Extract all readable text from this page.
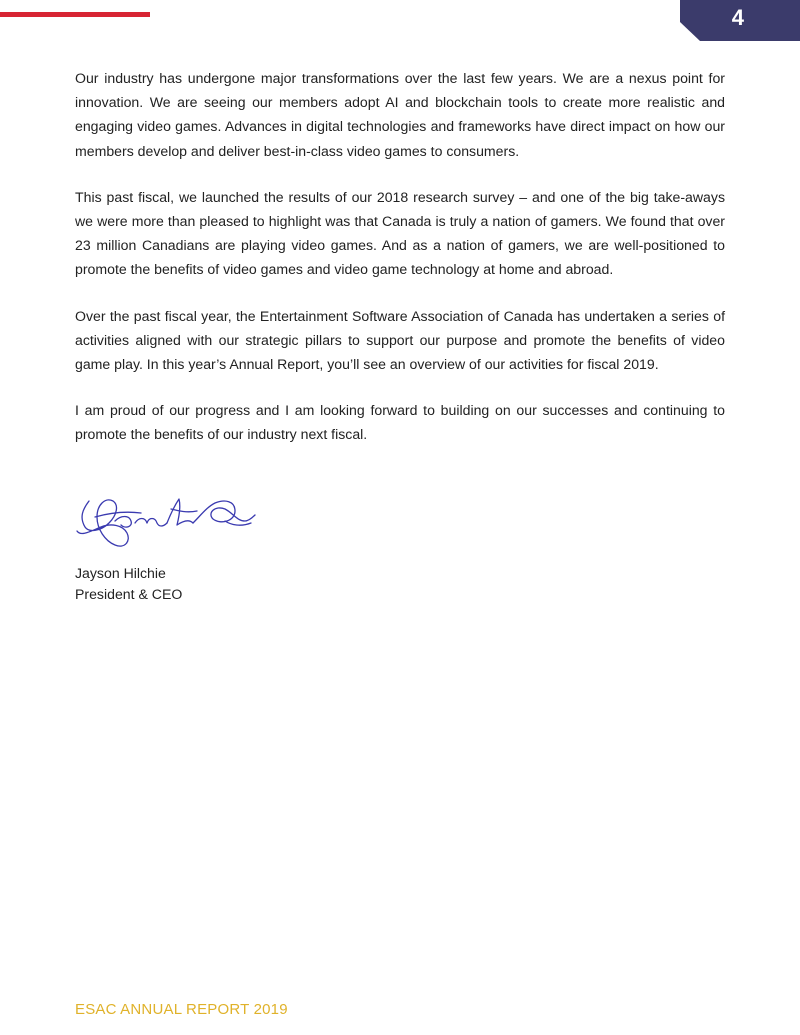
4

Our industry has undergone major transformations over the last few years. We are a nexus point for innovation. We are seeing our members adopt AI and blockchain tools to create more realistic and engaging video games. Advances in digital technologies and frameworks have direct impact on how our members develop and deliver best-in-class video games to consumers.

This past fiscal, we launched the results of our 2018 research survey – and one of the big take-aways we were more than pleased to highlight was that Canada is truly a nation of gamers. We found that over 23 million Canadians are playing video games. And as a nation of gamers, we are well-positioned to promote the benefits of video games and video game technology at home and abroad.

Over the past fiscal year, the Entertainment Software Association of Canada has undertaken a series of activities aligned with our strategic pillars to support our purpose and promote the benefits of video game play. In this year’s Annual Report, you’ll see an overview of our activities for fiscal 2019.

I am proud of our progress and I am looking forward to building on our successes and continuing to promote the benefits of our industry next fiscal.

Jayson Hilchie
President & CEO
ESAC ANNUAL REPORT 2019
